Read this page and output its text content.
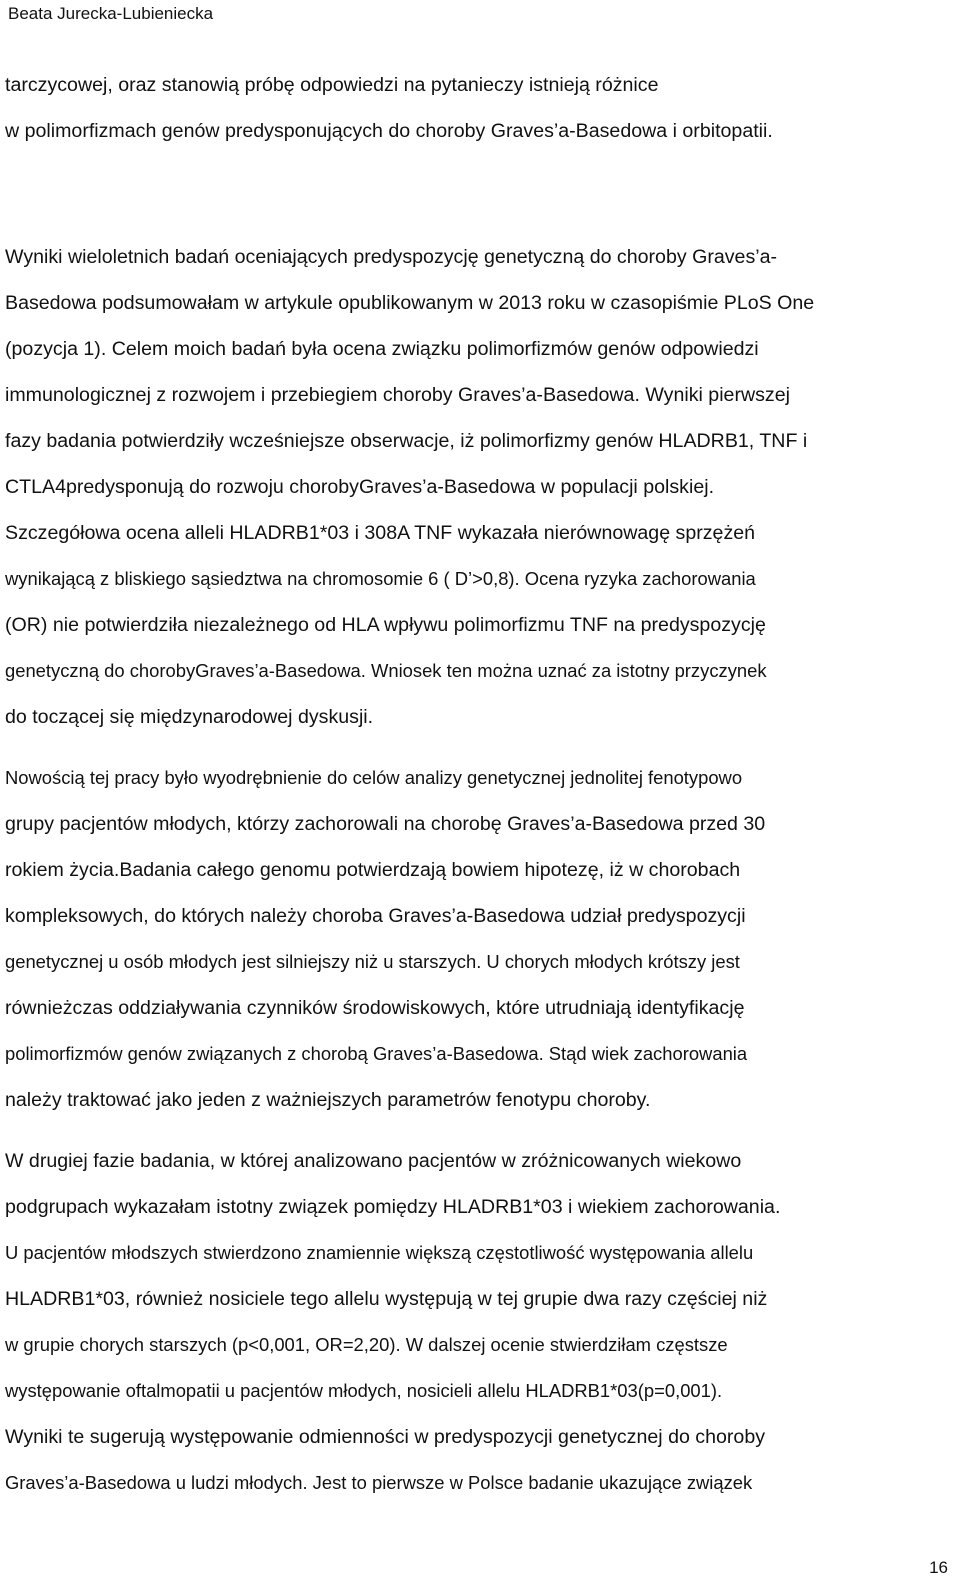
Beata Jurecka-Lubieniecka
tarczycowej, oraz stanowią próbę odpowiedzi na pytanieczy istnieją różnice
w polimorfizmach genów predysponujących do choroby Graves’a-Basedowa i orbitopatii.
Wyniki wieloletnich badań oceniających predyspozycję genetyczną do choroby Graves’a-
Basedowa podsumowałam w artykule opublikowanym w 2013 roku w czasopiśmie PLoS One
(pozycja 1). Celem moich badań była ocena związku polimorfizmów genów odpowiedzi
immunologicznej z rozwojem i przebiegiem choroby Graves’a-Basedowa. Wyniki pierwszej
fazy badania potwierdziły wcześniejsze obserwacje, iż polimorfizmy genów HLADRB1, TNF i
CTLA4predysponują do rozwoju chorobyGraves’a-Basedowa w populacji polskiej.
Szczegółowa ocena alleli HLADRB1*03 i 308A TNF wykazała nierównowagę sprzężeń
wynikającą z bliskiego sąsiedztwa na chromosomie 6 ( D’>0,8). Ocena ryzyka zachorowania
(OR) nie potwierdziła niezależnego od HLA wpływu polimorfizmu TNF na predyspozycję
genetyczną do chorobyGraves’a-Basedowa. Wniosek ten można uznać za istotny przyczynek
do toczącej się międzynarodowej dyskusji.
Nowością tej pracy było wyodrębnienie do celów analizy genetycznej jednolitej fenotypowo
grupy pacjentów młodych, którzy zachorowali na chorobę Graves’a-Basedowa przed 30
rokiem życia.Badania całego genomu potwierdzają bowiem hipotezę, iż w chorobach
kompleksowych, do których należy choroba Graves’a-Basedowa udział predyspozycji
genetycznej u osób młodych jest silniejszy niż u starszych. U chorych młodych krótszy jest
równieżczas oddziaływania czynników środowiskowych, które utrudniają identyfikację
polimorfizmów genów związanych z chorobą Graves’a-Basedowa. Stąd wiek zachorowania
należy traktować jako jeden z ważniejszych parametrów fenotypu choroby.
W drugiej fazie badania, w której analizowano pacjentów w zróżnicowanych wiekowo
podgrupach wykazałam istotny związek pomiędzy HLADRB1*03 i wiekiem zachorowania.
U pacjentów młodszych stwierdzono znamiennie większą częstotliwość występowania allelu
HLADRB1*03, również nosiciele tego allelu występują w tej grupie dwa razy częściej niż
w grupie chorych starszych (p<0,001, OR=2,20). W dalszej ocenie stwierdziłam częstsze
występowanie oftalmopatii u pacjentów młodych, nosicieli allelu HLADRB1*03(p=0,001).
Wyniki te sugerują występowanie odmienności w predyspozycji genetycznej do choroby
Graves’a-Basedowa u ludzi młodych. Jest to pierwsze w Polsce badanie ukazujące związek
16
